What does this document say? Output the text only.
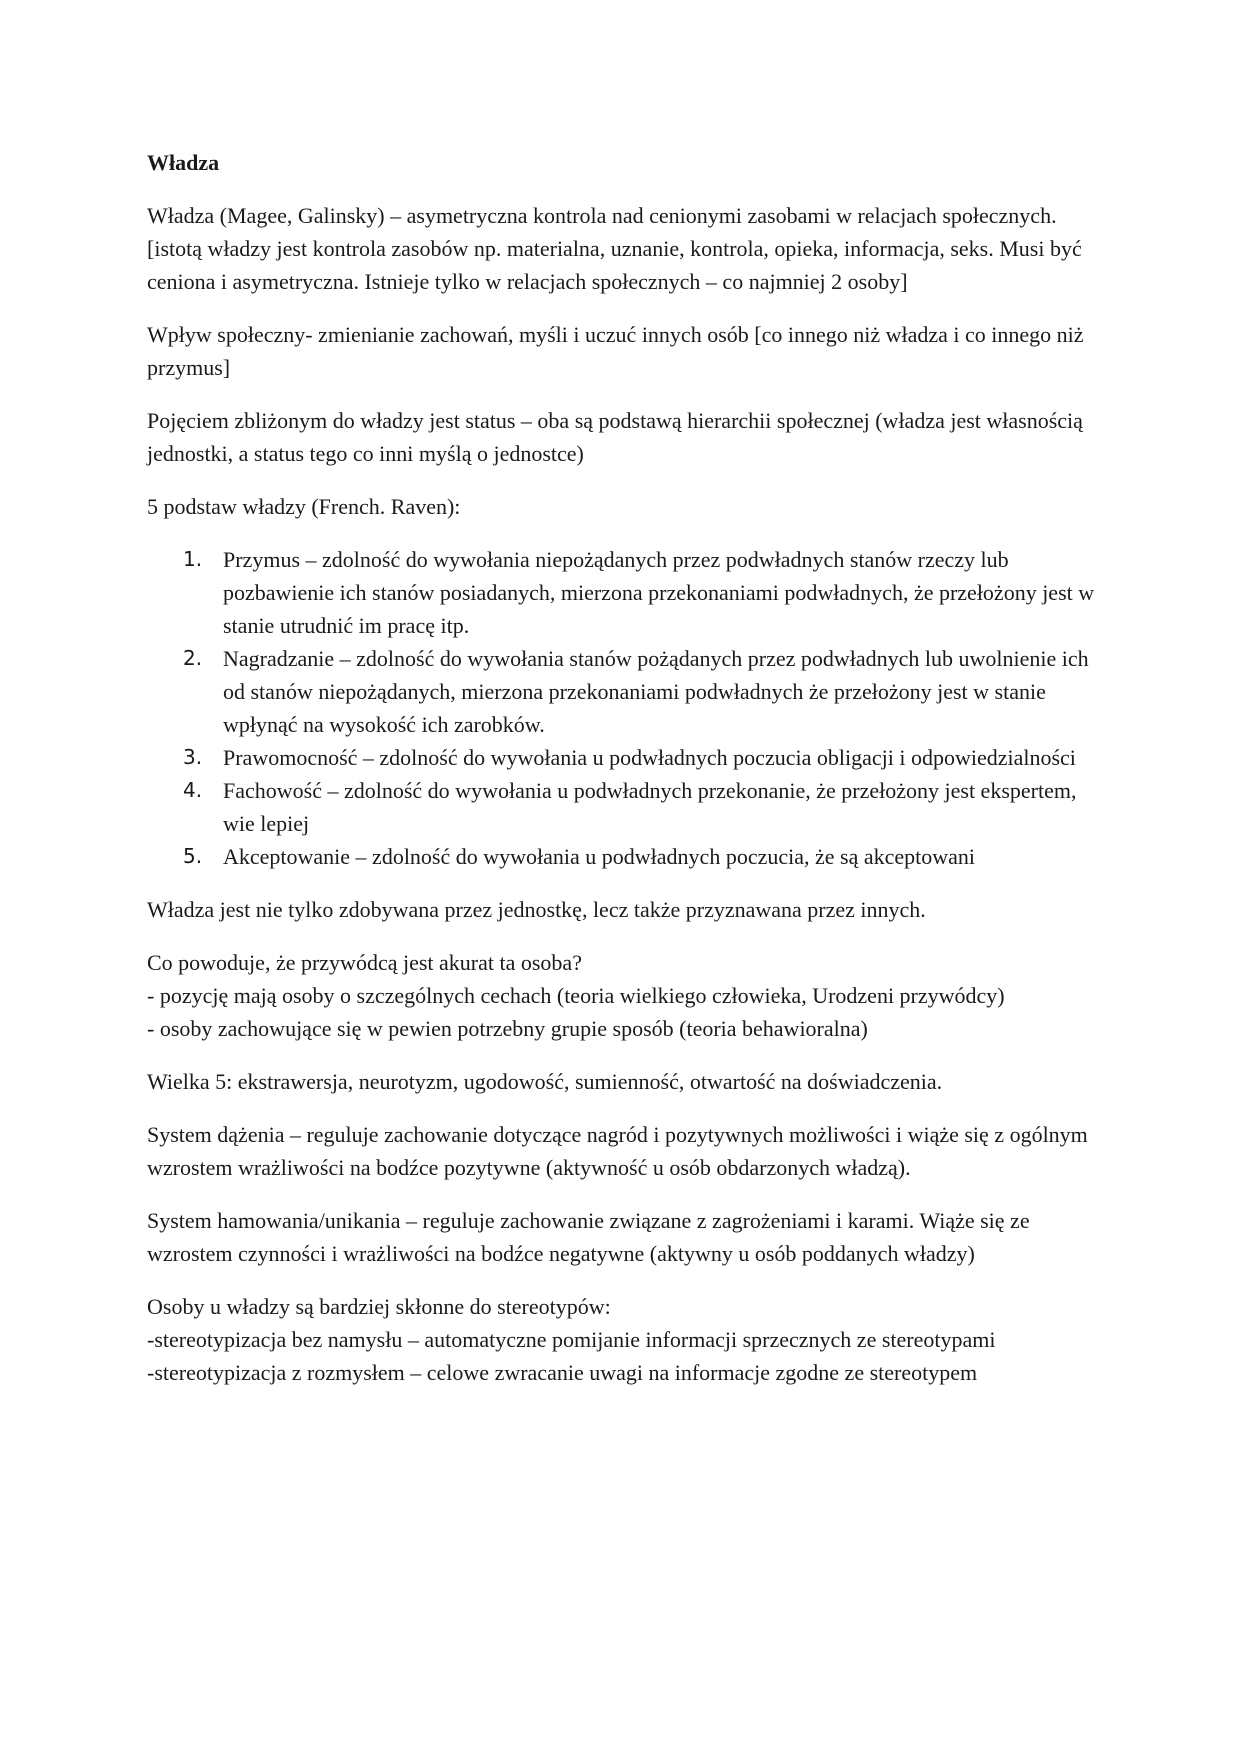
Władza

Władza (Magee, Galinsky) – asymetryczna kontrola nad cenionymi zasobami w relacjach społecznych. [istotą władzy jest kontrola zasobów np. materialna, uznanie, kontrola, opieka, informacja, seks. Musi być ceniona i asymetryczna. Istnieje tylko w relacjach społecznych – co najmniej 2 osoby]

Wpływ społeczny- zmienianie zachowań, myśli i uczuć innych osób [co innego niż władza i co innego niż przymus]

Pojęciem zbliżonym do władzy jest status – oba są podstawą hierarchii społecznej (władza jest własnością jednostki, a status tego co inni myślą o jednostce)

5 podstaw władzy (French. Raven):

1. Przymus – zdolność do wywołania niepożądanych przez podwładnych stanów rzeczy lub pozbawienie ich stanów posiadanych, mierzona przekonaniami podwładnych, że przełożony jest w stanie utrudnić im pracę itp.
2. Nagradzanie – zdolność do wywołania stanów pożądanych przez podwładnych lub uwolnienie ich od stanów niepożądanych, mierzona przekonaniami podwładnych że przełożony jest w stanie wpłynąć na wysokość ich zarobków.
3. Prawomocność – zdolność do wywołania u podwładnych poczucia obligacji i odpowiedzialności
4. Fachowość – zdolność do wywołania u podwładnych przekonanie, że przełożony jest ekspertem, wie lepiej
5. Akceptowanie – zdolność do wywołania u podwładnych poczucia, że są akceptowani

Władza jest nie tylko zdobywana przez jednostkę, lecz także przyznawana przez innych.

Co powoduje, że przywódcą jest akurat ta osoba?
- pozycję mają osoby o szczególnych cechach (teoria wielkiego człowieka, Urodzeni przywódcy)
- osoby zachowujące się w pewien potrzebny grupie sposób (teoria behawioralna)

Wielka 5: ekstrawersja, neurotyzm, ugodowość, sumienność, otwartość na doświadczenia.

System dążenia – reguluje zachowanie dotyczące nagród i pozytywnych możliwości i wiąże się z ogólnym wzrostem wrażliwości na bodźce pozytywne (aktywność u osób obdarzonych władzą).

System hamowania/unikania – reguluje zachowanie związane z zagrożeniami i karami. Wiąże się ze wzrostem czynności i wrażliwości na bodźce negatywne (aktywny u osób poddanych władzy)

Osoby u władzy są bardziej skłonne do stereotypów:
-stereotypizacja bez namysłu – automatyczne pomijanie informacji sprzecznych ze stereotypami
-stereotypizacja z rozmysłem – celowe zwracanie uwagi na informacje zgodne ze stereotypem
